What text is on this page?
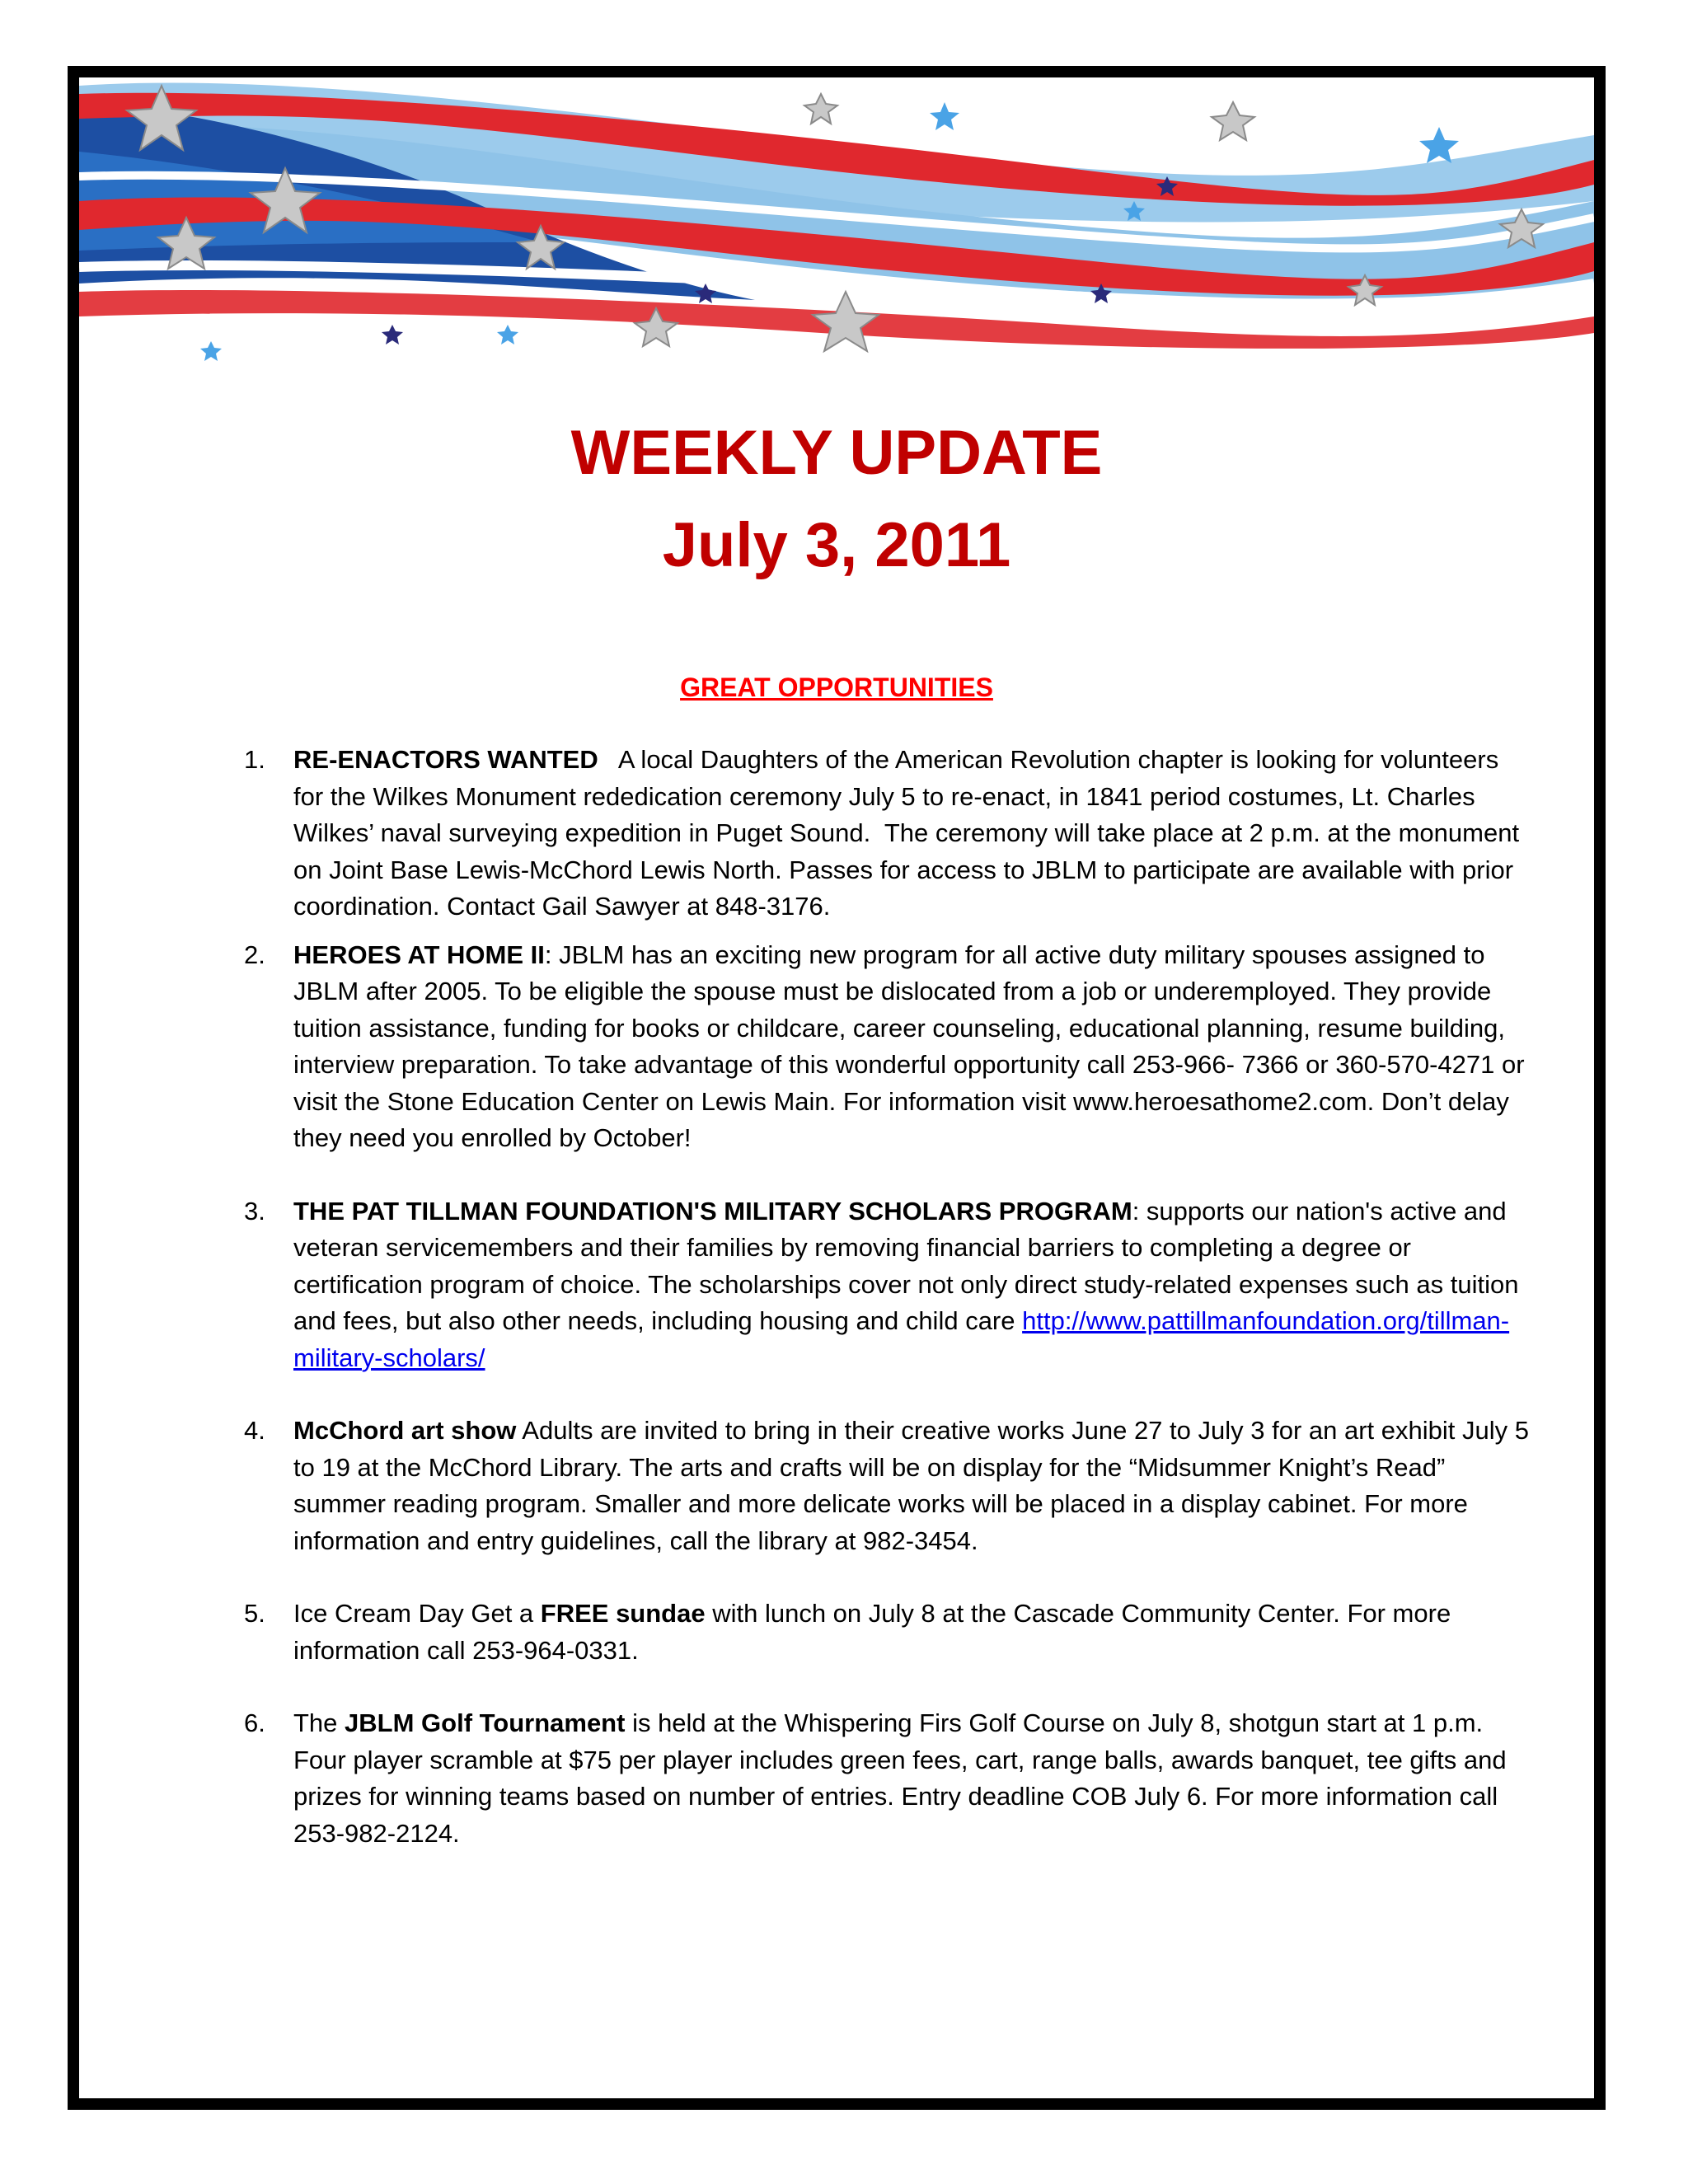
WEEKLY UPDATE
July 3, 2011
GREAT OPPORTUNITIES
1. RE-ENACTORS WANTED   A local Daughters of the American Revolution chapter is looking for volunteers for the Wilkes Monument rededication ceremony July 5 to re-enact, in 1841 period costumes, Lt. Charles Wilkes’ naval surveying expedition in Puget Sound.  The ceremony will take place at 2 p.m. at the monument on Joint Base Lewis-McChord Lewis North. Passes for access to JBLM to participate are available with prior coordination. Contact Gail Sawyer at 848-3176.
2. HEROES AT HOME II: JBLM has an exciting new program for all active duty military spouses assigned to JBLM after 2005. To be eligible the spouse must be dislocated from a job or underemployed. They provide tuition assistance, funding for books or childcare, career counseling, educational planning, resume building, interview preparation. To take advantage of this wonderful opportunity call 253-966- 7366 or 360-570-4271 or visit the Stone Education Center on Lewis Main. For information visit www.heroesathome2.com. Don’t delay they need you enrolled by October!
3. THE PAT TILLMAN FOUNDATION'S MILITARY SCHOLARS PROGRAM: supports our nation's active and veteran servicemembers and their families by removing financial barriers to completing a degree or certification program of choice. The scholarships cover not only direct study-related expenses such as tuition and fees, but also other needs, including housing and child care http://www.pattillmanfoundation.org/tillman-military-scholars/
4. McChord art show Adults are invited to bring in their creative works June 27 to July 3 for an art exhibit July 5 to 19 at the McChord Library. The arts and crafts will be on display for the “Midsummer Knight’s Read” summer reading program. Smaller and more delicate works will be placed in a display cabinet. For more information and entry guidelines, call the library at 982-3454.
5. Ice Cream Day Get a FREE sundae with lunch on July 8 at the Cascade Community Center. For more information call 253-964-0331.
6. The JBLM Golf Tournament is held at the Whispering Firs Golf Course on July 8, shotgun start at 1 p.m. Four player scramble at $75 per player includes green fees, cart, range balls, awards banquet, tee gifts and prizes for winning teams based on number of entries. Entry deadline COB July 6. For more information call 253-982-2124.
